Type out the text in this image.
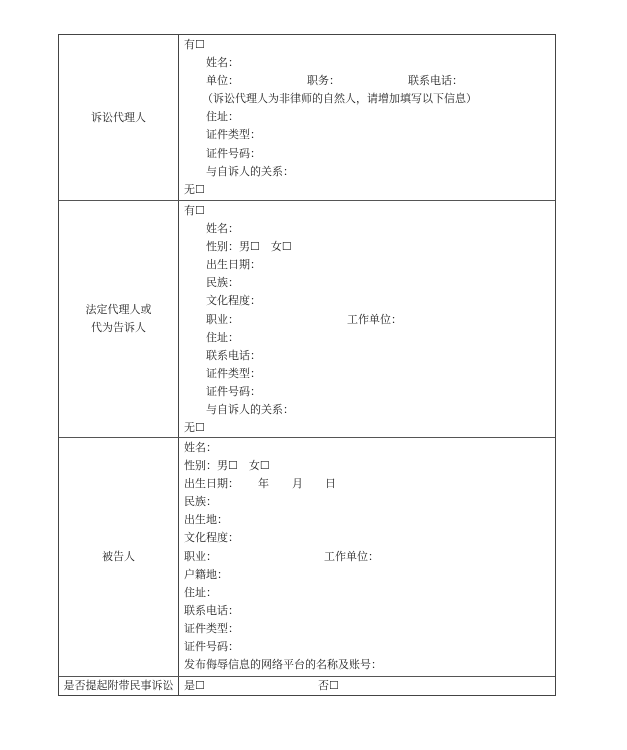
诉讼代理人
有☐
姓名：
单位：	职务：	联系电话：
（诉讼代理人为非律师的自然人，请增加填写以下信息）
住址：
证件类型：
证件号码：
与自诉人的关系：
无☐
法定代理人或
代为告诉人
有☐
姓名：
性别：男☐　女☐
出生日期：
民族：
文化程度：
职业：	工作单位：
住址：
联系电话：
证件类型：
证件号码：
与自诉人的关系：
无☐
被告人
姓名：
性别：男☐　女☐
出生日期： 年 月 日
民族：
出生地：
文化程度：
职业：	工作单位：
户籍地：
住址：
联系电话：
证件类型：
证件号码：
发布侮辱信息的网络平台的名称及账号：
是否提起附带民事诉讼 是☐	否☐
